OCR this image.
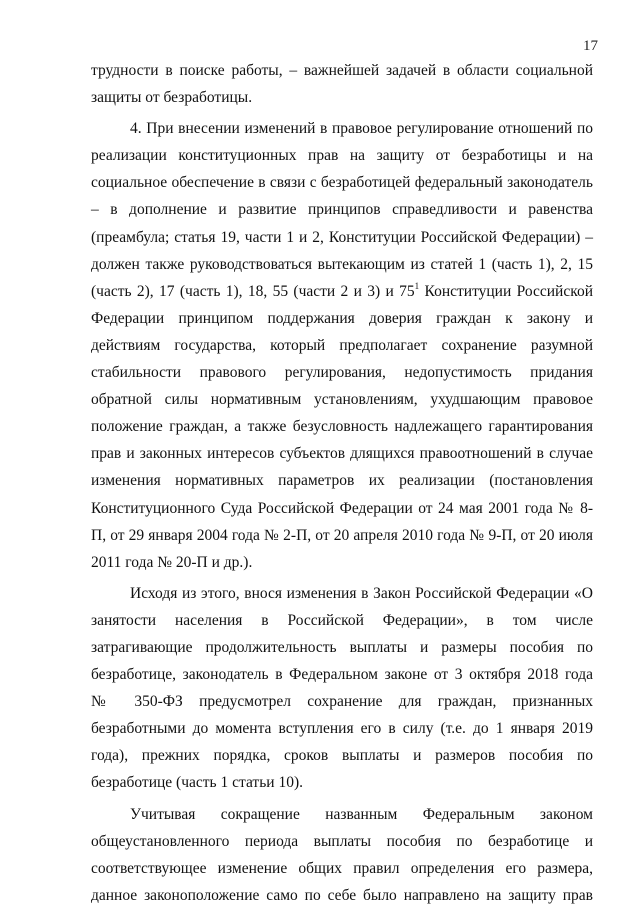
17
трудности в поиске работы, – важнейшей задачей в области социальной
защиты от безработицы.
4. При внесении изменений в правовое регулирование отношений по
реализации конституционных прав на защиту от безработицы и на
социальное обеспечение в связи с безработицей федеральный законодатель
– в дополнение и развитие принципов справедливости и равенства
(преамбула; статья 19, части 1 и 2, Конституции Российской Федерации) –
должен также руководствоваться вытекающим из статей 1 (часть 1), 2, 15
(часть 2), 17 (часть 1), 18, 55 (части 2 и 3) и $75^1$ Конституции Российской
Федерации принципом поддержания доверия граждан к закону и
действиям государства, который предполагает сохранение разумной
стабильности правового регулирования, недопустимость придания
обратной силы нормативным установлениям, ухудшающим правовое
положение граждан, а также безусловность надлежащего гарантирования
прав и законных интересов субъектов длящихся правоотношений в случае
изменения нормативных параметров их реализации (постановления
Конституционного Суда Российской Федерации от 24 мая 2001 года № 8-
П, от 29 января 2004 года № 2-П, от 20 апреля 2010 года № 9-П, от 20 июля
2011 года № 20-П и др.).
Исходя из этого, внося изменения в Закон Российской Федерации «О
занятости населения в Российской Федерации», в том числе
затрагивающие продолжительность выплаты и размеры пособия по
безработице, законодатель в Федеральном законе от 3 октября 2018 года
№ 350-ФЗ предусмотрел сохранение для граждан, признанных
безработными до момента вступления его в силу (т.е. до 1 января 2019
года), прежних порядка, сроков выплаты и размеров пособия по
безработице (часть 1 статьи 10).
Учитывая сокращение названным Федеральным законом
общеустановленного периода выплаты пособия по безработице и
соответствующее изменение общих правил определения его размера,
данное законоположение само по себе было направлено на защиту прав
